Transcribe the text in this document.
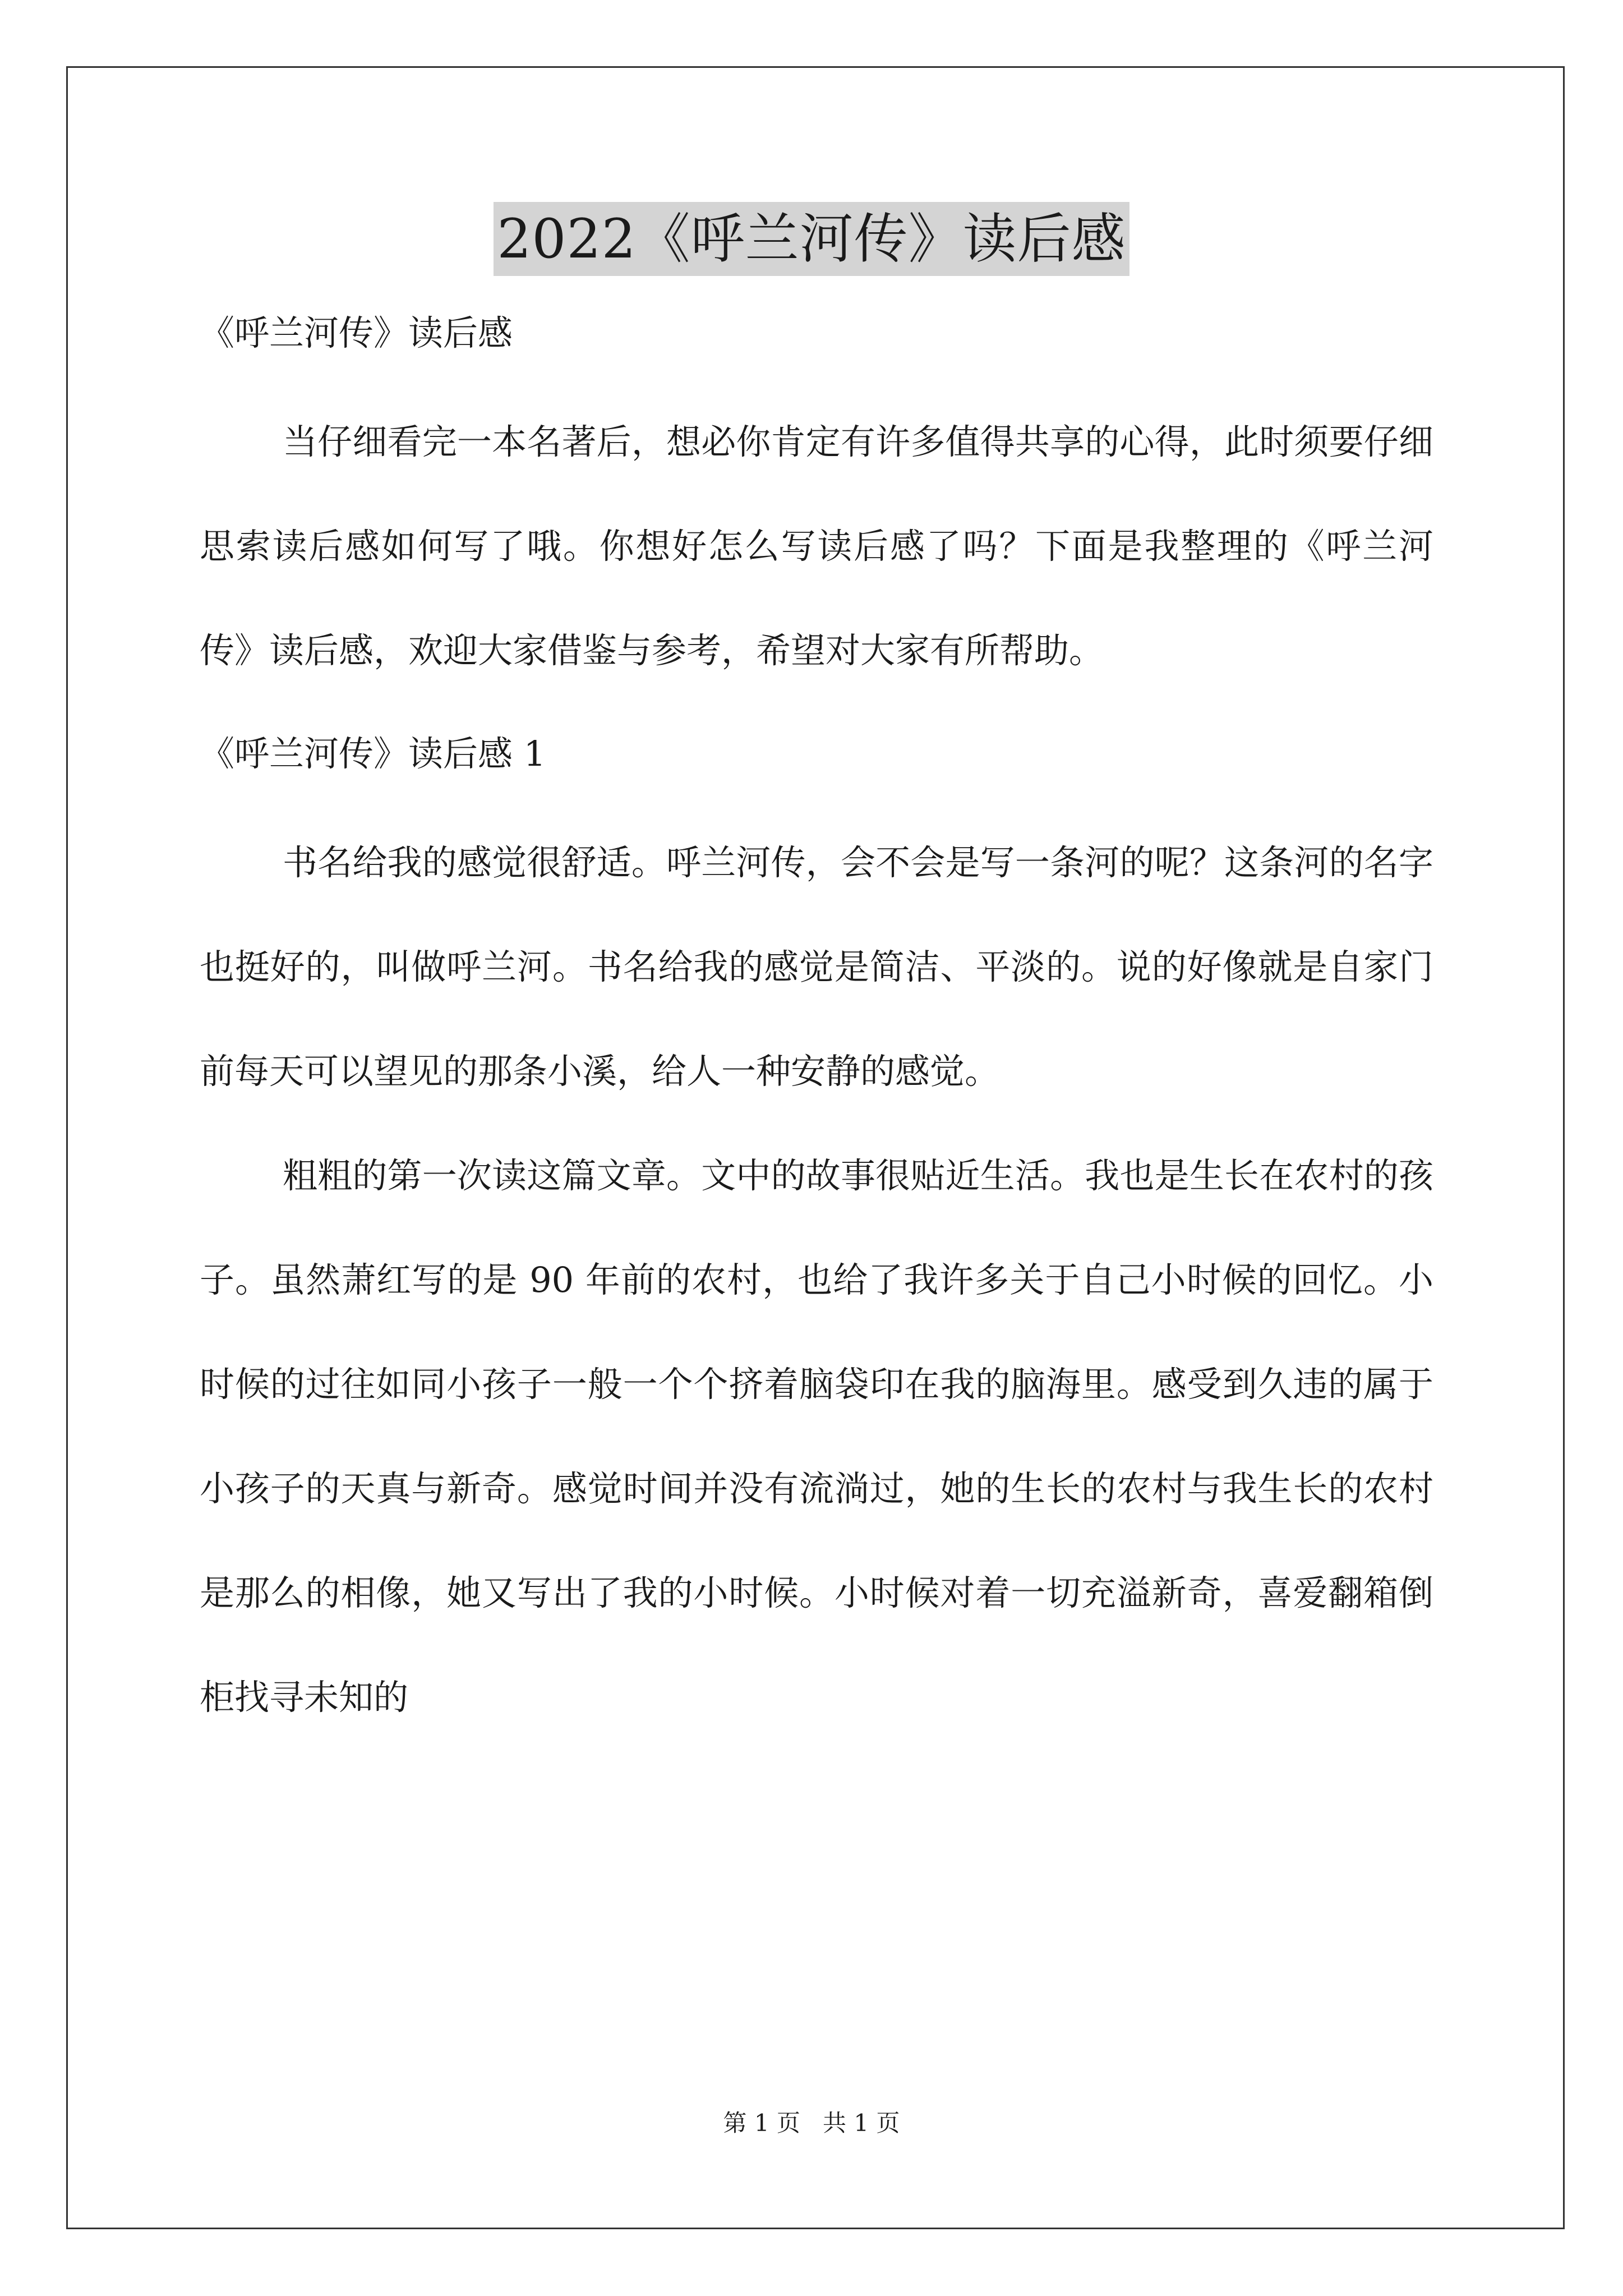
2022《呼兰河传》读后感

《呼兰河传》读后感

当仔细看完一本名著后，想必你肯定有许多值得共享的心得，此时须要仔细思索读后感如何写了哦。你想好怎么写读后感了吗？下面是我整理的《呼兰河传》读后感，欢迎大家借鉴与参考，希望对大家有所帮助。

《呼兰河传》读后感 1

书名给我的感觉很舒适。呼兰河传，会不会是写一条河的呢？这条河的名字也挺好的，叫做呼兰河。书名给我的感觉是简洁、平淡的。说的好像就是自家门前每天可以望见的那条小溪，给人一种安静的感觉。

粗粗的第一次读这篇文章。文中的故事很贴近生活。我也是生长在农村的孩子。虽然萧红写的是 90 年前的农村，也给了我许多关于自己小时候的回忆。小时候的过往如同小孩子一般一个个挤着脑袋印在我的脑海里。感受到久违的属于小孩子的天真与新奇。感觉时间并没有流淌过，她的生长的农村与我生长的农村是那么的相像，她又写出了我的小时候。小时候对着一切充溢新奇，喜爱翻箱倒柜找寻未知的

第 1 页   共 1 页
